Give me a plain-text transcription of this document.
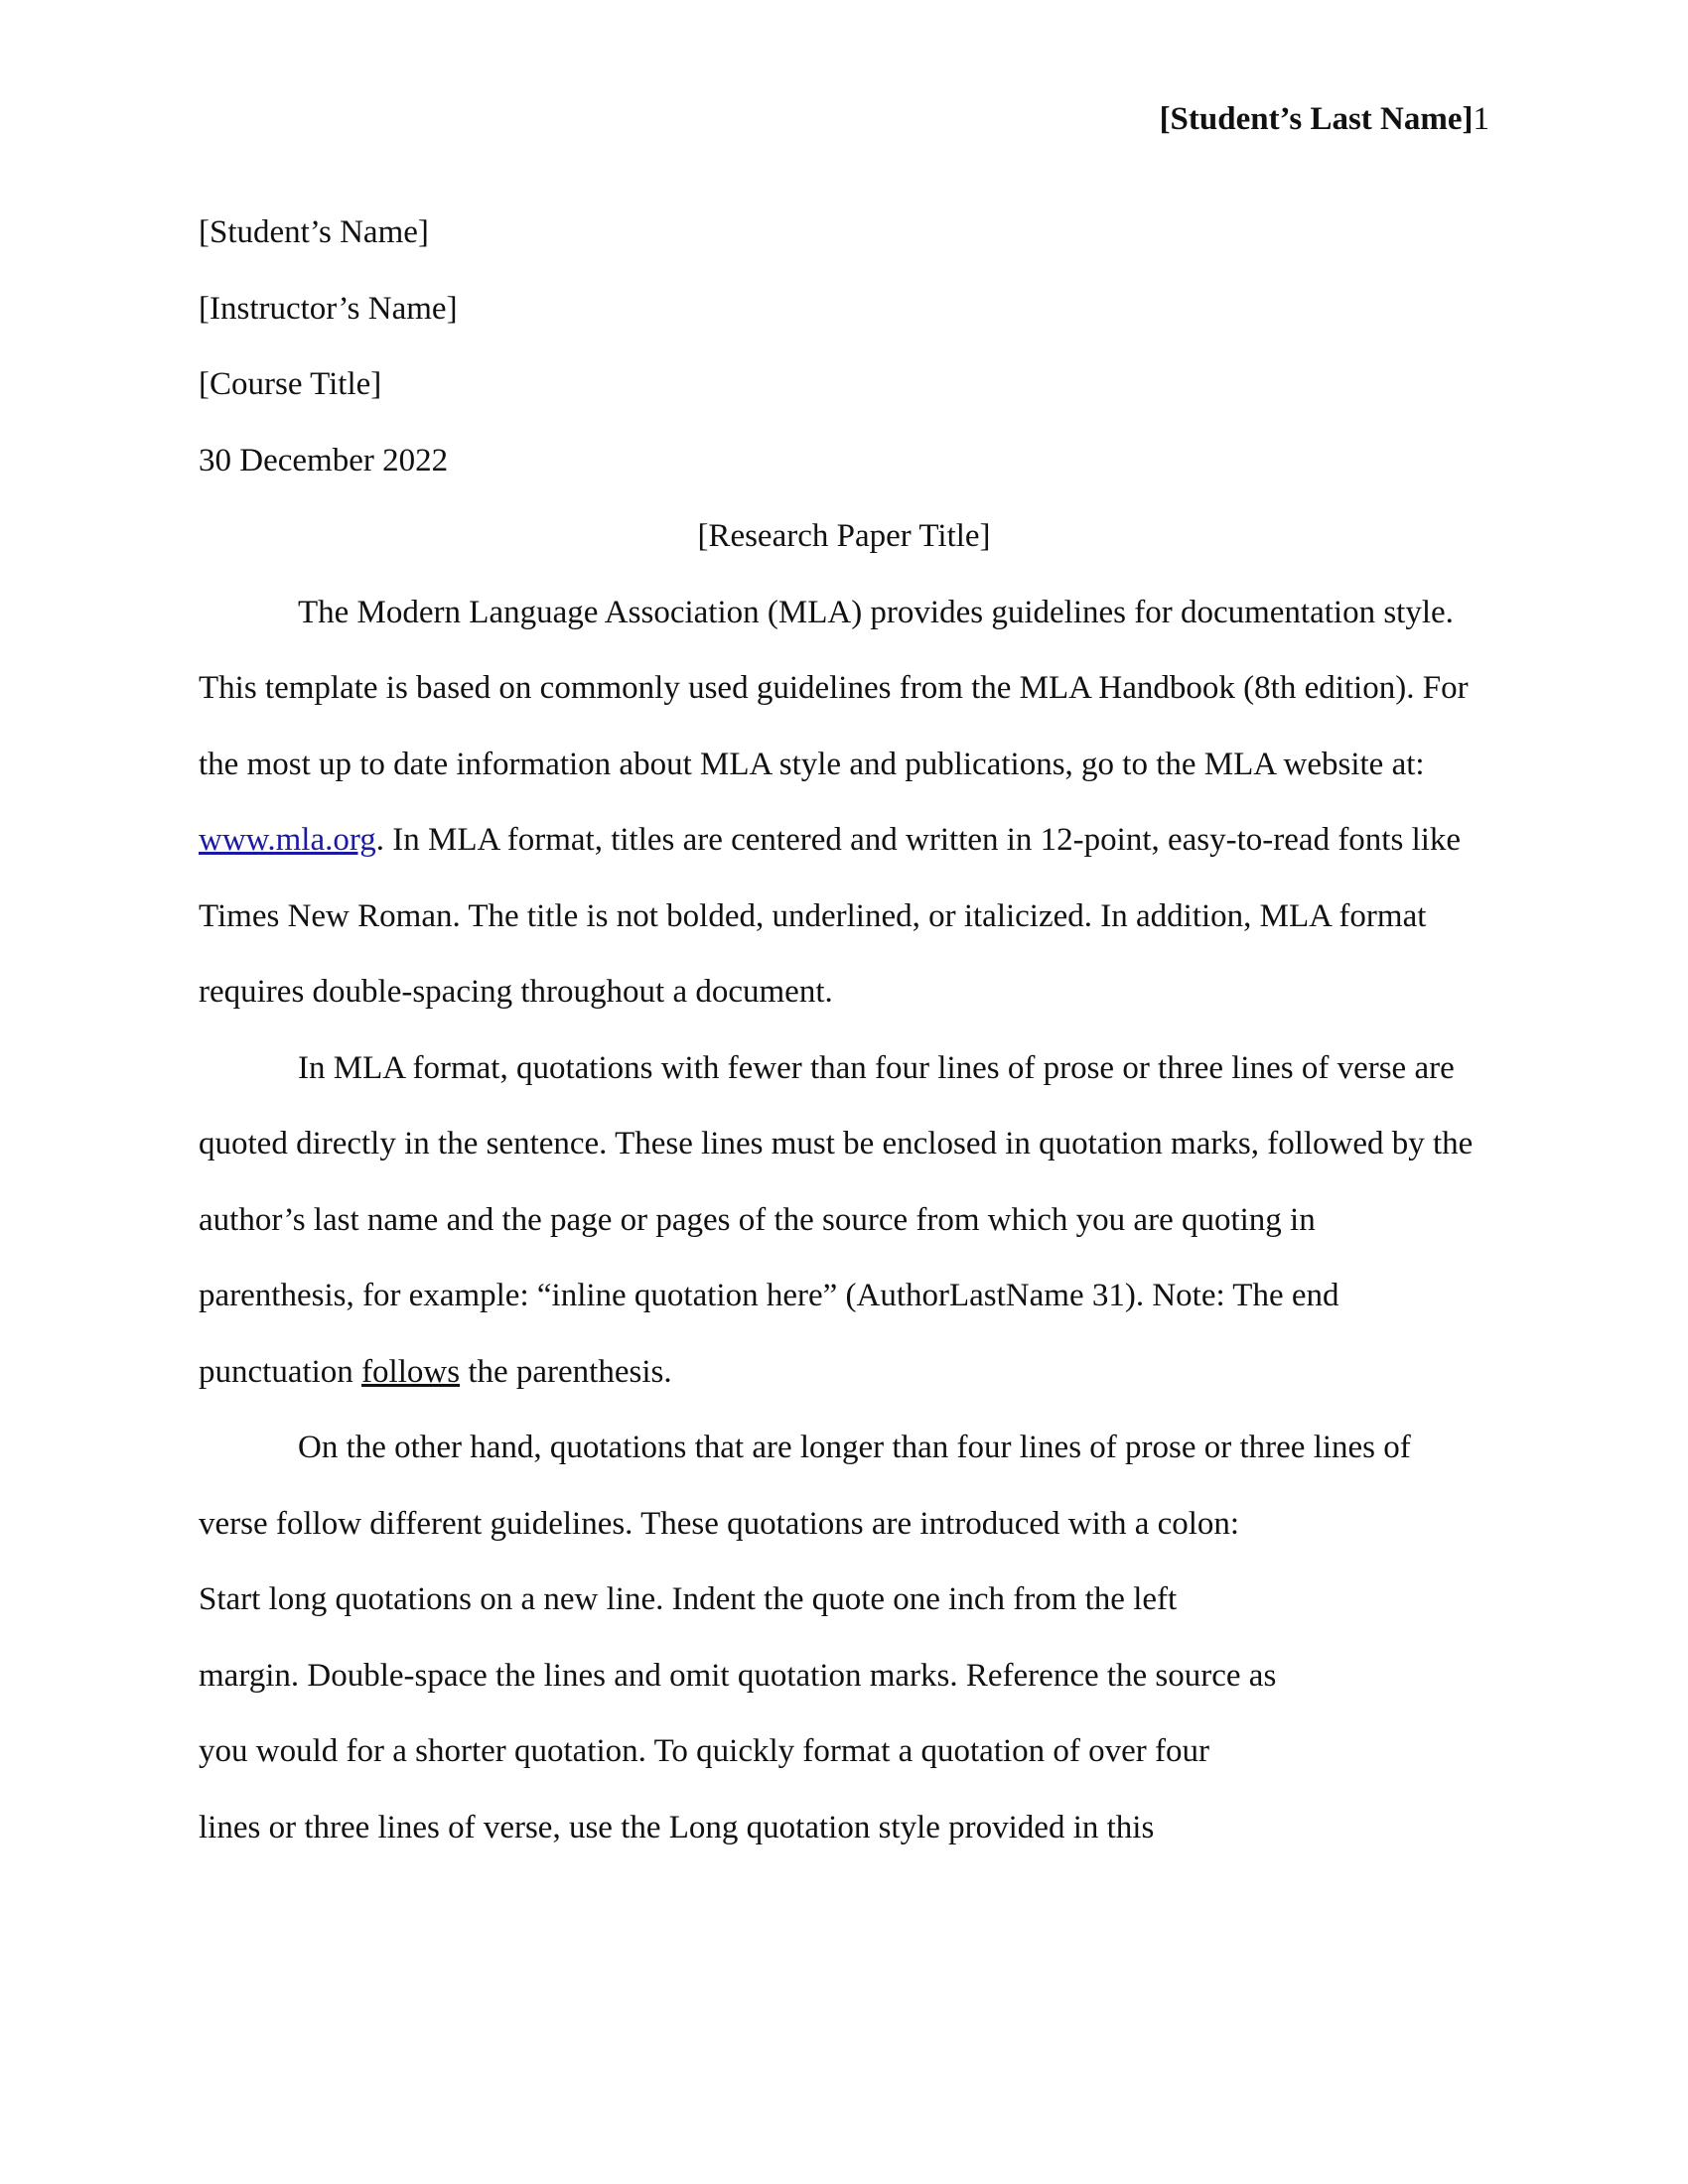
[Student’s Last Name]1

[Student’s Name]

[Instructor’s Name]

[Course Title]

30 December 2022

[Research Paper Title]

The Modern Language Association (MLA) provides guidelines for documentation style.

This template is based on commonly used guidelines from the MLA Handbook (8th edition). For

the most up to date information about MLA style and publications, go to the MLA website at:

www.mla.org. In MLA format, titles are centered and written in 12-point, easy-to-read fonts like

Times New Roman. The title is not bolded, underlined, or italicized. In addition, MLA format

requires double-spacing throughout a document.

In MLA format, quotations with fewer than four lines of prose or three lines of verse are

quoted directly in the sentence. These lines must be enclosed in quotation marks, followed by the

author’s last name and the page or pages of the source from which you are quoting in

parenthesis, for example: “inline quotation here” (AuthorLastName 31). Note: The end

punctuation follows the parenthesis.

On the other hand, quotations that are longer than four lines of prose or three lines of

verse follow different guidelines. These quotations are introduced with a colon:

Start long quotations on a new line. Indent the quote one inch from the left

margin. Double-space the lines and omit quotation marks. Reference the source as

you would for a shorter quotation. To quickly format a quotation of over four

lines or three lines of verse, use the Long quotation style provided in this
